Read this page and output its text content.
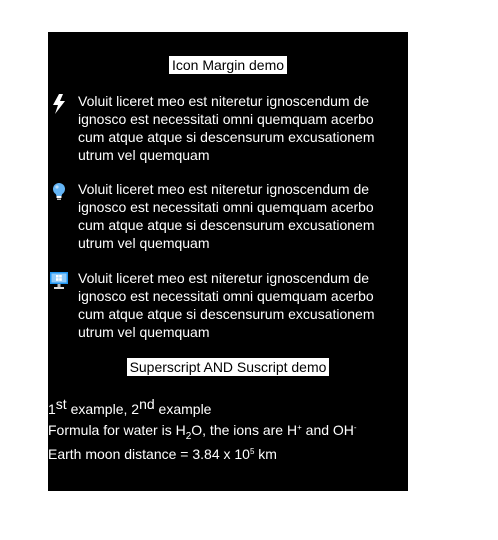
Icon Margin demo
Voluit liceret meo est niteretur ignoscendum de ignosco est necessitati omni quemquam acerbo cum atque atque si descensurum excusationem utrum vel quemquam
Voluit liceret meo est niteretur ignoscendum de ignosco est necessitati omni quemquam acerbo cum atque atque si descensurum excusationem utrum vel quemquam
Voluit liceret meo est niteretur ignoscendum de ignosco est necessitati omni quemquam acerbo cum atque atque si descensurum excusationem utrum vel quemquam
Superscript AND Suscript demo
1st example, 2nd example
Formula for water is $H_2O$, the ions are H+ and OH-
Earth moon distance = 3.84 x $10^5$ km
